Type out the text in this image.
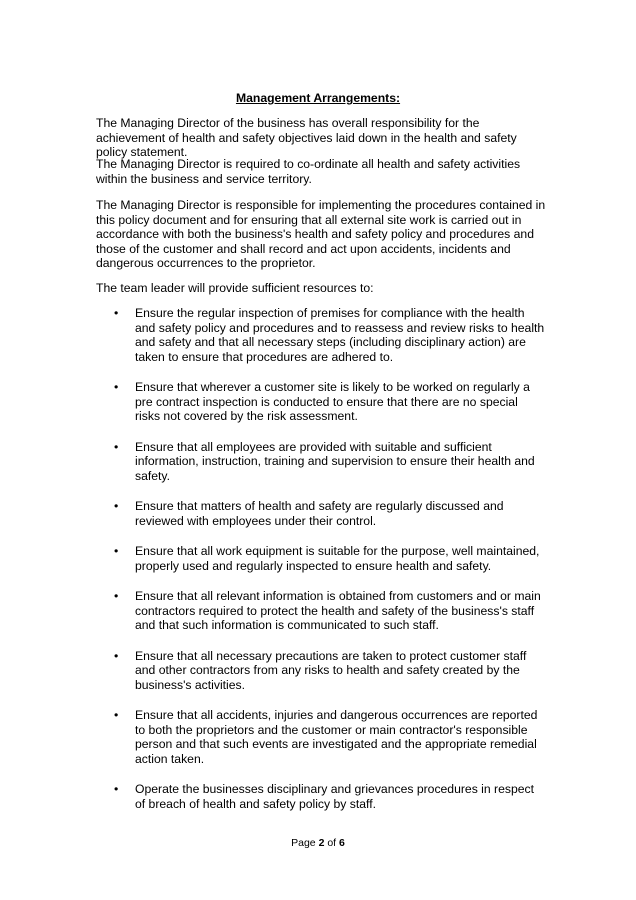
Management Arrangements:

The Managing Director of the business has overall responsibility for the achievement of health and safety objectives laid down in the health and safety policy statement.

The Managing Director is required to co-ordinate all health and safety activities within the business and service territory.

The Managing Director is responsible for implementing the procedures contained in this policy document and for ensuring that all external site work is carried out in accordance with both the business's health and safety policy and procedures and those of the customer and shall record and act upon accidents, incidents and dangerous occurrences to the proprietor.

The team leader will provide sufficient resources to:

•	Ensure the regular inspection of premises for compliance with the health and safety policy and procedures and to reassess and review risks to health and safety and that all necessary steps (including disciplinary action) are taken to ensure that procedures are adhered to.
•	Ensure that wherever a customer site is likely to be worked on regularly a pre contract inspection is conducted to ensure that there are no special risks not covered by the risk assessment.
•	Ensure that all employees are provided with suitable and sufficient information, instruction, training and supervision to ensure their health and safety.
•	Ensure that matters of health and safety are regularly discussed and reviewed with employees under their control.
•	Ensure that all work equipment is suitable for the purpose, well maintained, properly used and regularly inspected to ensure health and safety.
•	Ensure that all relevant information is obtained from customers and or main contractors required to protect the health and safety of the business's staff and that such information is communicated to such staff.
•	Ensure that all necessary precautions are taken to protect customer staff and other contractors from any risks to health and safety created by the business's activities.
•	Ensure that all accidents, injuries and dangerous occurrences are reported to both the proprietors and the customer or main contractor's responsible person and that such events are investigated and the appropriate remedial action taken.
•	Operate the businesses disciplinary and grievances procedures in respect of breach of health and safety policy by staff.
Page 2 of 6
